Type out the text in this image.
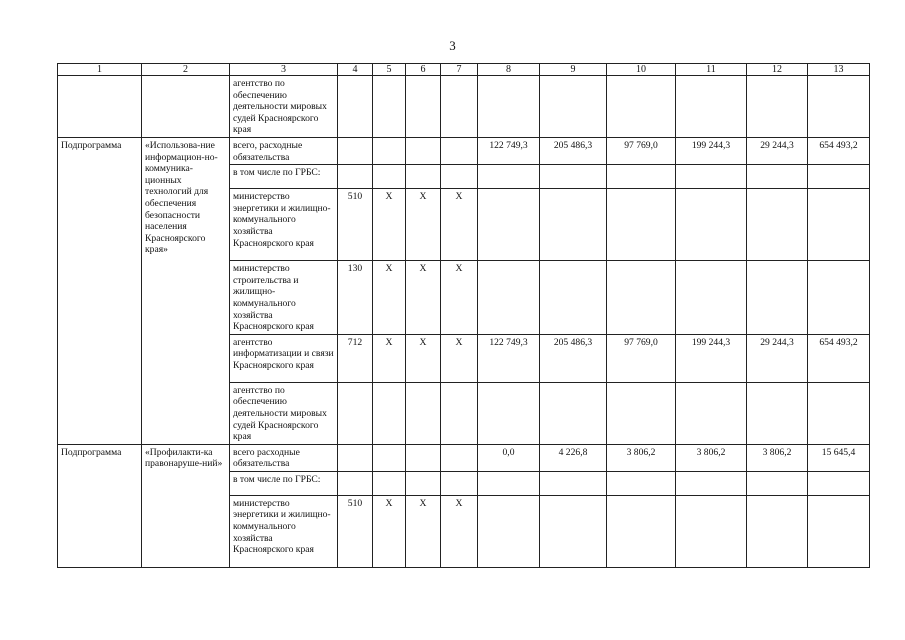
3
1	2	3	4	5	6	7	8	9	10	11	12	13
		агентство по обеспечению деятельности мировых судей Красноярского края										
Подпрограмма	«Использова-ние информацион-но-коммуника-ционных технологий для обеспечения безопасности населения Красноярского края»	всего, расходные обязательства					122 749,3	205 486,3	97 769,0	199 244,3	29 244,3	654 493,2
		в том числе по ГРБС:										
		министерство энергетики и жилищно-коммунального хозяйства Красноярского края	510	X	X	X						
		министерство строительства и жилищно-коммунального хозяйства Красноярского края	130	X	X	X						
		агентство информатизации и связи Красноярского края	712	X	X	X	122 749,3	205 486,3	97 769,0	199 244,3	29 244,3	654 493,2
		агентство по обеспечению деятельности мировых судей Красноярского края										
Подпрограмма	«Профилакти-ка правонаруше-ний»	всего расходные обязательства					0,0	4 226,8	3 806,2	3 806,2	3 806,2	15 645,4
		в том числе по ГРБС:										
		министерство энергетики и жилищно-коммунального хозяйства Красноярского края	510	X	X	X						
